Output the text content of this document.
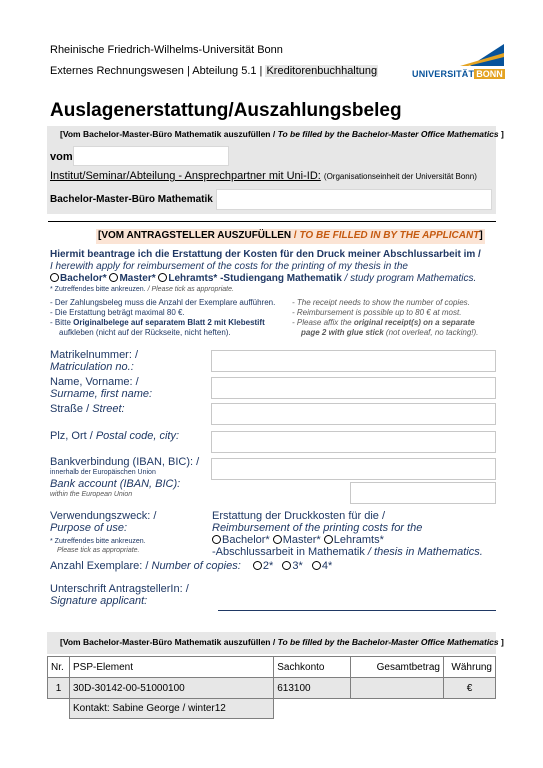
Rheinische Friedrich-Wilhelms-Universität Bonn
Externes Rechnungswesen | Abteilung 5.1 | Kreditorenbuchhaltung	UNIVERSITÄT BONN
Auslagenerstattung/Auszahlungsbeleg
[Vom Bachelor-Master-Büro Mathematik auszufüllen / To be filled by the Bachelor-Master Office Mathematics ]
vom
Institut/Seminar/Abteilung - Ansprechpartner mit Uni-ID: (Organisationseinheit der Universität Bonn)
Bachelor-Master-Büro Mathematik
[VOM ANTRAGSTELLER AUSZUFÜLLEN / TO BE FILLED IN BY THE APPLICANT]
Hiermit beantrage ich die Erstattung der Kosten für den Druck meiner Abschlussarbeit im /
I herewith apply for reimbursement of the costs for the printing of my thesis in the
Bachelor* Master* Lehramts* -Studiengang Mathematik / study program Mathematics.
* Zutreffendes bitte ankreuzen. / Please tick as appropriate.
- Der Zahlungsbeleg muss die Anzahl der Exemplare aufführen.
- Die Erstattung beträgt maximal 80 €.
- Bitte Originalbelege auf separatem Blatt 2 mit Klebestift
aufkleben (nicht auf der Rückseite, nicht heften).
- The receipt needs to show the number of copies.
- Reimbursement is possible up to 80 € at most.
- Please affix the original receipt(s) on a separate
page 2 with glue stick (not overleaf, no tacking!).
Matrikelnummer: /
Matriculation no.:
Name, Vorname: /
Surname, first name:
Straße / Street:
Plz, Ort / Postal code, city:
Bankverbindung (IBAN, BIC): /
innerhalb der Europäischen Union
Bank account (IBAN, BIC):
within the European Union
Verwendungszweck: /
Purpose of use:
* Zutreffendes bitte ankreuzen.
Please tick as appropriate.
Erstattung der Druckkosten für die /
Reimbursement of the printing costs for the
Bachelor* Master* Lehramts*
-Abschlussarbeit in Mathematik / thesis in Mathematics.
Anzahl Exemplare: / Number of copies: 2* 3* 4*
Unterschrift AntragstellerIn: /
Signature applicant:
[Vom Bachelor-Master-Büro Mathematik auszufüllen / To be filled by the Bachelor-Master Office Mathematics ]
Nr.	PSP-Element	Sachkonto	Gesamtbetrag	Währung
1	30D-30142-00-51000100	613100		€
Kontakt: Sabine George / winter12
